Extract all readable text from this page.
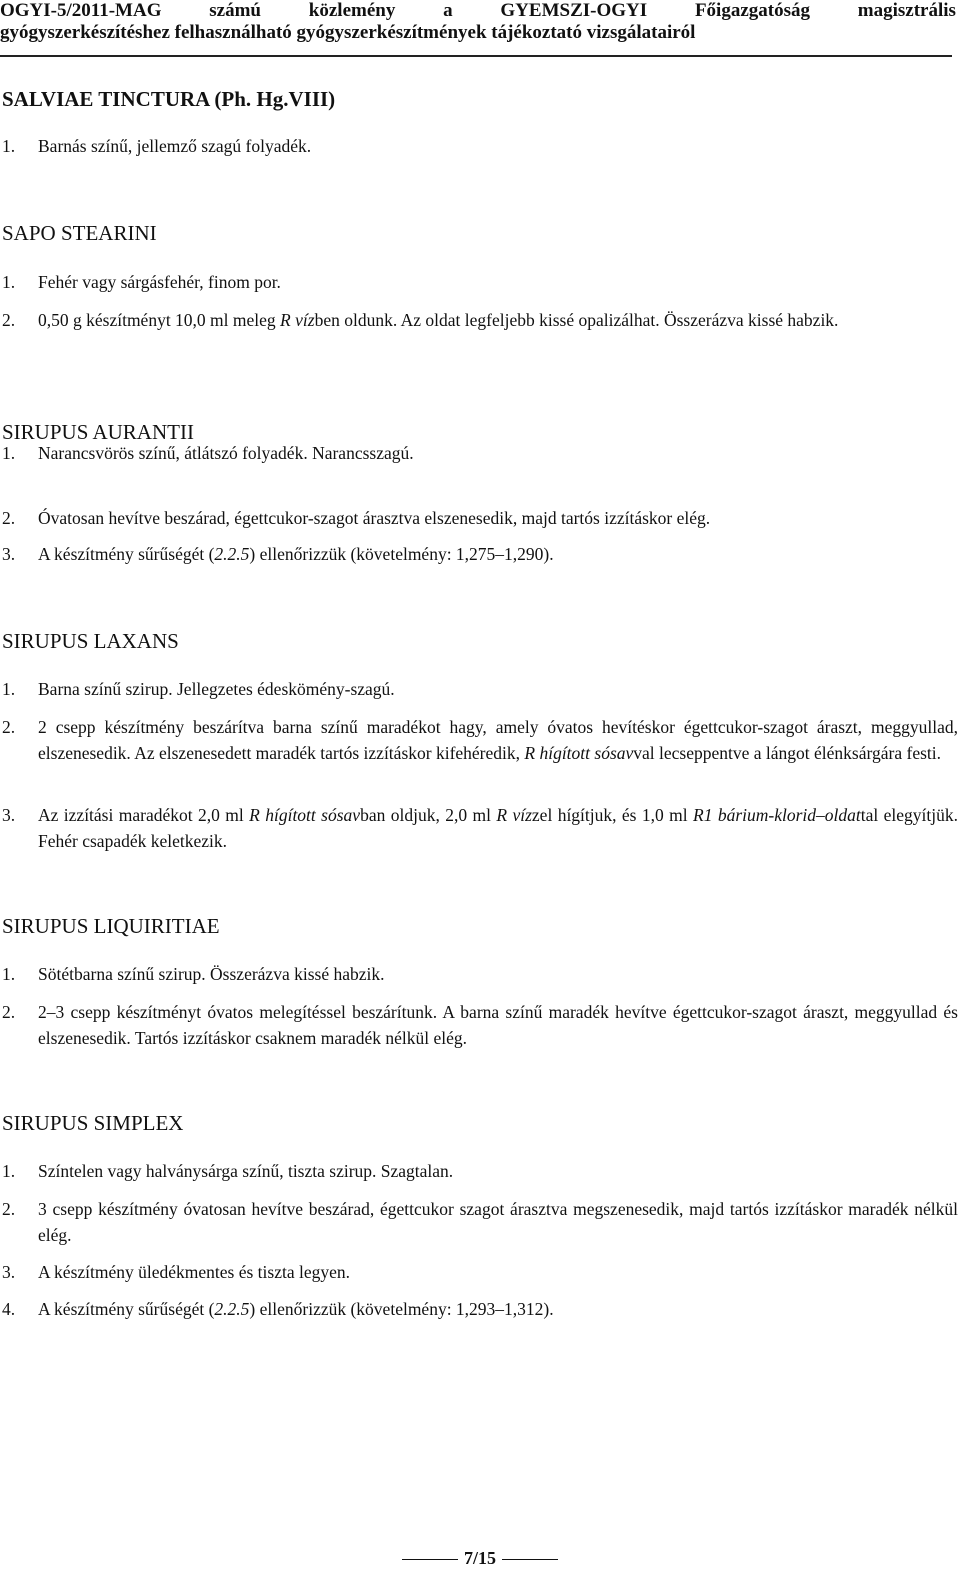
OGYI-5/2011-MAG	számú	közlemény	a	GYEMSZI-OGYI	Főigazgatóság	magisztrális
gyógyszerkészítéshez felhasználható gyógyszerkészítmények tájékoztató vizsgálatairól
SALVIAE TINCTURA (Ph. Hg.VIII)
1. Barnás színű, jellemző szagú folyadék.
SAPO STEARINI
1. Fehér vagy sárgásfehér, finom por.
2. 0,50 g készítményt 10,0 ml meleg R vízben oldunk. Az oldat legfeljebb kissé opalizálhat. Összerázva kissé habzik.
SIRUPUS AURANTII
1. Narancsvörös színű, átlátszó folyadék. Narancsszagú.
2. Óvatosan hevítve beszárad, égettcukor-szagot árasztva elszenesedik, majd tartós izzításkor elég.
3. A készítmény sűrűségét (2.2.5) ellenőrizzük (követelmény: 1,275–1,290).
SIRUPUS LAXANS
1. Barna színű szirup. Jellegzetes édeskömény-szagú.
2. 2 csepp készítmény beszárítva barna színű maradékot hagy, amely óvatos hevítéskor égettcukor-szagot áraszt, meggyullad, elszenesedik. Az elszenesedett maradék tartós izzításkor kifehéredik, R hígított sósavval lecseppentve a lángot élénksárgára festi.
3. Az izzítási maradékot 2,0 ml R hígított sósavban oldjuk, 2,0 ml R vízzel hígítjuk, és 1,0 ml R1 bárium-klorid–oldattal elegyítjük. Fehér csapadék keletkezik.
SIRUPUS LIQUIRITIAE
1. Sötétbarna színű szirup. Összerázva kissé habzik.
2. 2–3 csepp készítményt óvatos melegítéssel beszárítunk. A barna színű maradék hevítve égettcukor-szagot áraszt, meggyullad és elszenesedik. Tartós izzításkor csaknem maradék nélkül elég.
SIRUPUS SIMPLEX
1. Színtelen vagy halványsárga színű, tiszta szirup. Szagtalan.
2. 3 csepp készítmény óvatosan hevítve beszárad, égettcukor szagot árasztva megszenesedik, majd tartós izzításkor maradék nélkül elég.
3. A készítmény üledékmentes és tiszta legyen.
4. A készítmény sűrűségét (2.2.5) ellenőrizzük (követelmény: 1,293–1,312).
7/15
